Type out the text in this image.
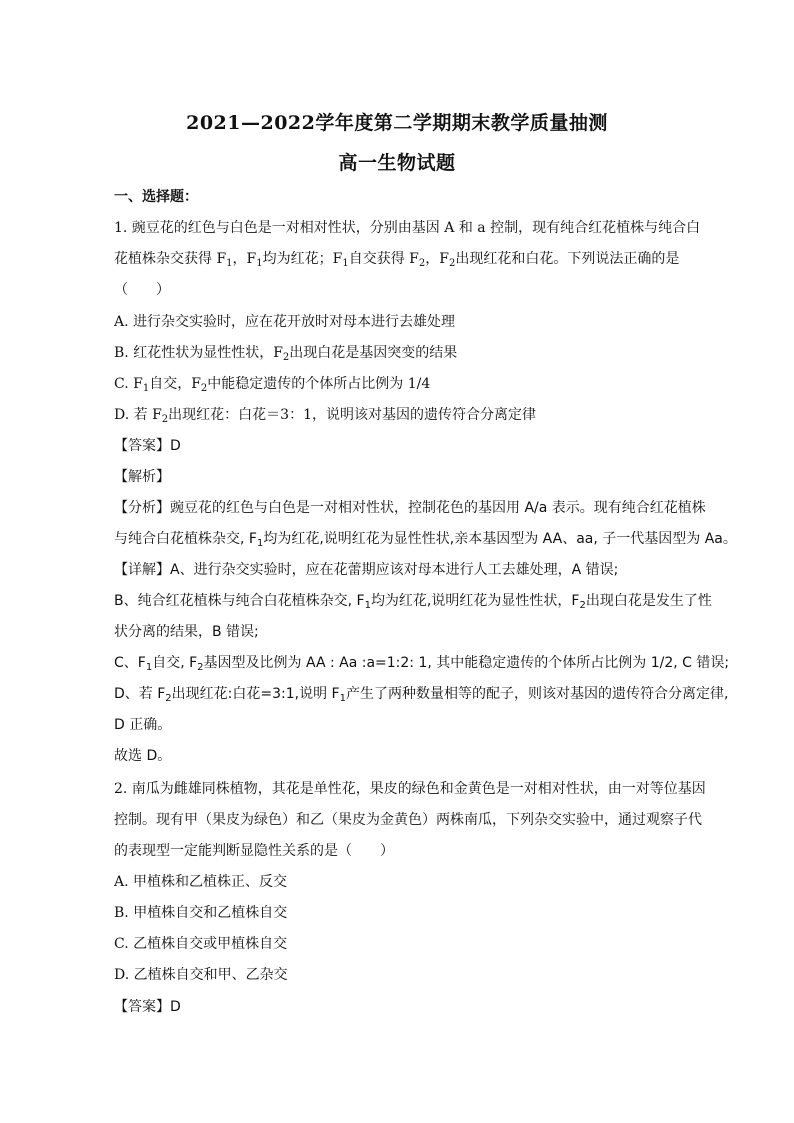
2021—2022学年度第二学期期末教学质量抽测
高一生物试题
一、选择题：
1. 豌豆花的红色与白色是一对相对性状，分别由基因 A 和 a 控制，现有纯合红花植株与纯合白
花植株杂交获得 $F_1$，$F_1$均为红花；$F_1$自交获得 $F_2$，$F_2$出现红花和白花。下列说法正确的是
（　　）
A. 进行杂交实验时，应在花开放时对母本进行去雄处理
B. 红花性状为显性性状，$F_2$出现白花是基因突变的结果
C. $F_1$自交，$F_2$中能稳定遗传的个体所占比例为 1/4
D. 若 $F_2$出现红花：白花＝3：1，说明该对基因的遗传符合分离定律
【答案】D
【解析】
【分析】豌豆花的红色与白色是一对相对性状，控制花色的基因用 A/a 表示。现有纯合红花植株
与纯合白花植株杂交, $F_1$均为红花,说明红花为显性性状,亲本基因型为 AA、aa, 子一代基因型为 Aa。
【详解】A、进行杂交实验时，应在花蕾期应该对母本进行人工去雄处理，A 错误;
B、纯合红花植株与纯合白花植株杂交, $F_1$均为红花,说明红花为显性性状，$F_2$出现白花是发生了性
状分离的结果，B 错误;
C、$F_1$自交, $F_2$基因型及比例为 AA : Aa :a=1:2: 1, 其中能稳定遗传的个体所占比例为 1/2, C 错误;
D、若 $F_2$出现红花:白花=3:1,说明 $F_1$产生了两种数量相等的配子，则该对基因的遗传符合分离定律,
D 正确。
故选 D。
2. 南瓜为雌雄同株植物，其花是单性花，果皮的绿色和金黄色是一对相对性状，由一对等位基因
控制。现有甲（果皮为绿色）和乙（果皮为金黄色）两株南瓜，下列杂交实验中，通过观察子代
的表现型一定能判断显隐性关系的是（　　）
A. 甲植株和乙植株正、反交
B. 甲植株自交和乙植株自交
C. 乙植株自交或甲植株自交
D. 乙植株自交和甲、乙杂交
【答案】D
